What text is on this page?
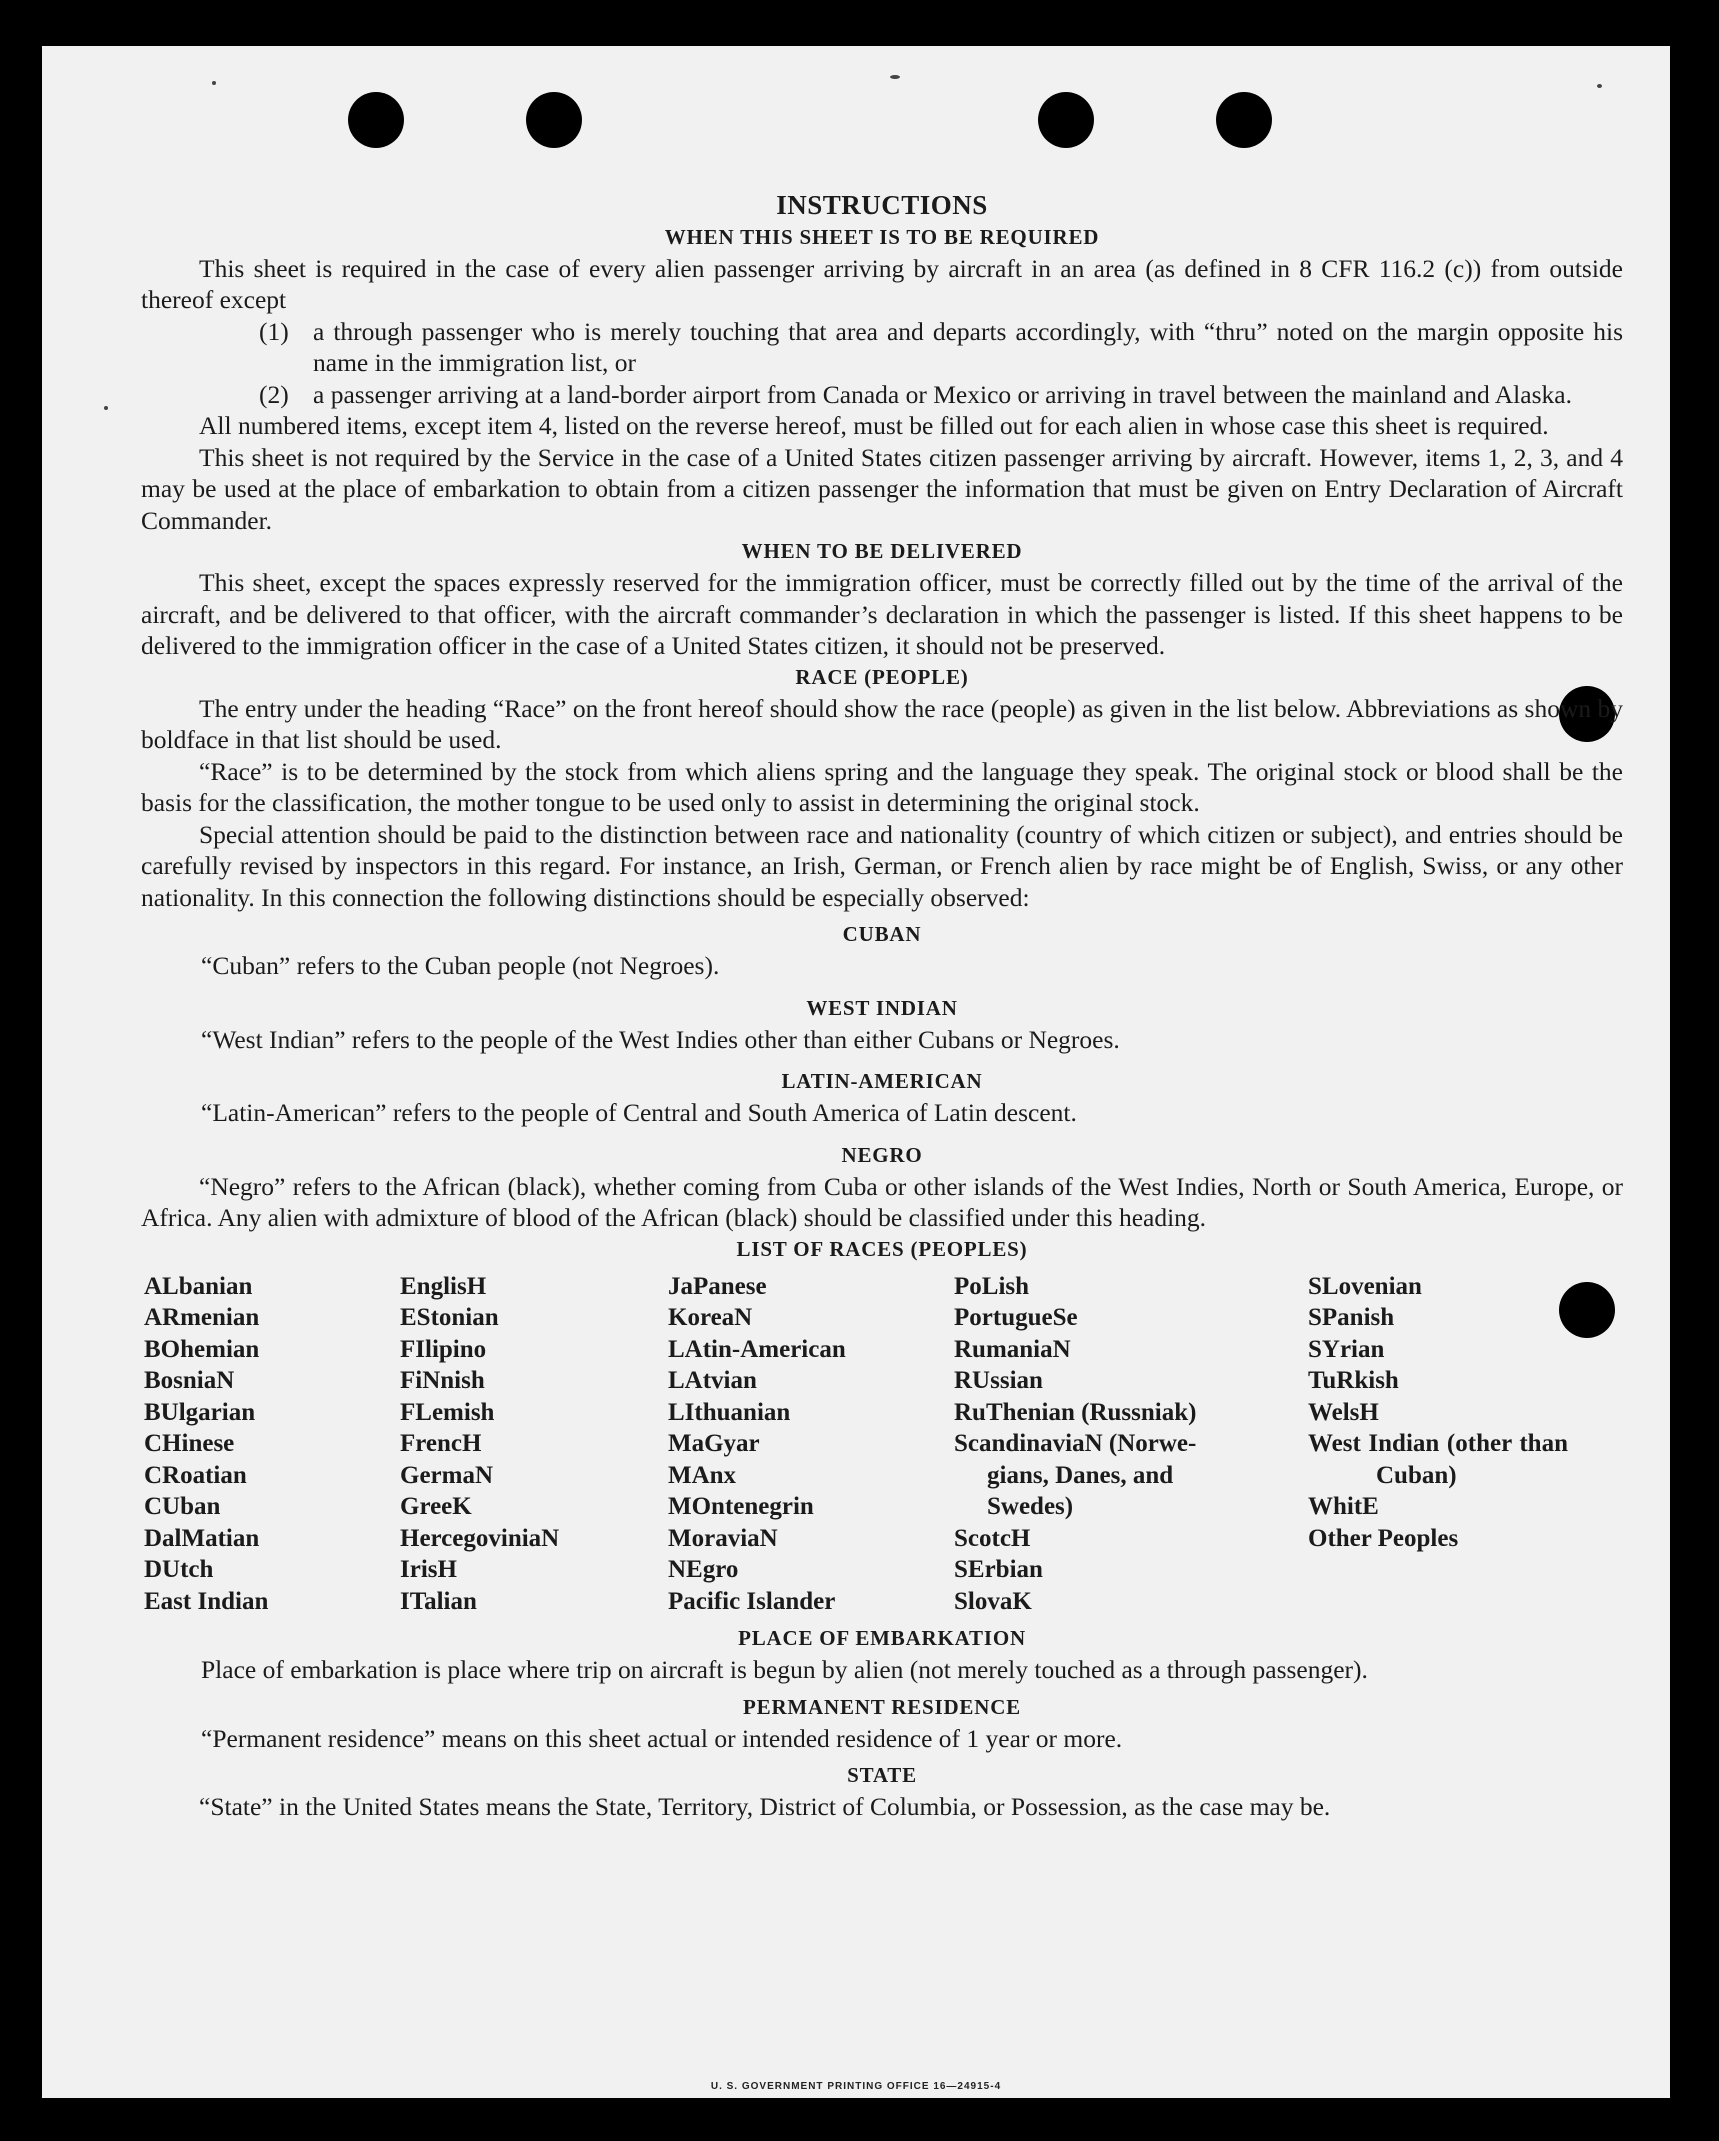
INSTRUCTIONS
WHEN THIS SHEET IS TO BE REQUIRED

This sheet is required in the case of every alien passenger arriving by aircraft in an area (as defined in 8 CFR 116.2 (c)) from outside thereof except

(1) a through passenger who is merely touching that area and departs accordingly, with “thru” noted on the margin opposite his name in the immigration list, or
(2) a passenger arriving at a land-border airport from Canada or Mexico or arriving in travel between the mainland and Alaska.

All numbered items, except item 4, listed on the reverse hereof, must be filled out for each alien in whose case this sheet is required.

This sheet is not required by the Service in the case of a United States citizen passenger arriving by aircraft. However, items 1, 2, 3, and 4 may be used at the place of embarkation to obtain from a citizen passenger the information that must be given on Entry Declaration of Aircraft Commander.

WHEN TO BE DELIVERED

This sheet, except the spaces expressly reserved for the immigration officer, must be correctly filled out by the time of the arrival of the aircraft, and be delivered to that officer, with the aircraft commander’s declaration in which the passenger is listed. If this sheet happens to be delivered to the immigration officer in the case of a United States citizen, it should not be preserved.

RACE (PEOPLE)

The entry under the heading “Race” on the front hereof should show the race (people) as given in the list below. Abbreviations as shown by boldface in that list should be used.

“Race” is to be determined by the stock from which aliens spring and the language they speak. The original stock or blood shall be the basis for the classification, the mother tongue to be used only to assist in determining the original stock.

Special attention should be paid to the distinction between race and nationality (country of which citizen or subject), and entries should be carefully revised by inspectors in this regard. For instance, an Irish, German, or French alien by race might be of English, Swiss, or any other nationality. In this connection the following distinctions should be especially observed:

CUBAN

“Cuban” refers to the Cuban people (not Negroes).

WEST INDIAN

“West Indian” refers to the people of the West Indies other than either Cubans or Negroes.

LATIN-AMERICAN

“Latin-American” refers to the people of Central and South America of Latin descent.

NEGRO

“Negro” refers to the African (black), whether coming from Cuba or other islands of the West Indies, North or South America, Europe, or Africa. Any alien with admixture of blood of the African (black) should be classified under this heading.

LIST OF RACES (PEOPLES)
ALbanian
ARmenian
BOhemian
BosniaN
BUlgarian
CHinese
CRoatian
CUban
DalMatian
DUtch
East Indian
EnglisH
EStonian
FIlipino
FiNnish
FLemish
FrencH
GermaN
GreeK
HercegoviniaN
IrisH
ITalian
JaPanese
KoreaN
LAtin-American
LAtvian
LIthuanian
MaGyar
MAnx
MOntenegrin
MoraviaN
NEgro
Pacific Islander
PoLish
PortugueSe
RumaniaN
RUssian
RuThenian (Russniak)
ScandinaviaN (Norwe-
gians, Danes, and
Swedes)
ScotcH
SErbian
SlovaK
SLovenian
SPanish
SYrian
TuRkish
WelsH
West Indian (other than Cuban)
WhitE
Other Peoples
PLACE OF EMBARKATION

Place of embarkation is place where trip on aircraft is begun by alien (not merely touched as a through passenger).

PERMANENT RESIDENCE

“Permanent residence” means on this sheet actual or intended residence of 1 year or more.

STATE

“State” in the United States means the State, Territory, District of Columbia, or Possession, as the case may be.

U. S. GOVERNMENT PRINTING OFFICE 16—24915-4
